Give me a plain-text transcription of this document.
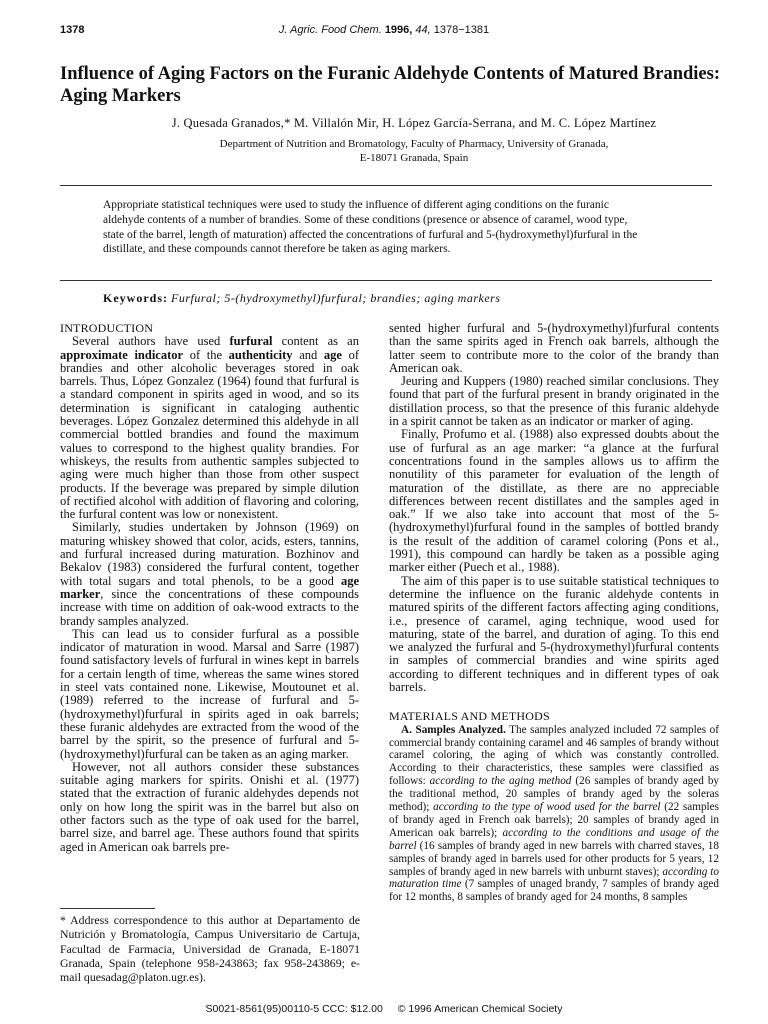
1378	J. Agric. Food Chem. 1996, 44, 1378−1381
Influence of Aging Factors on the Furanic Aldehyde Contents of Matured Brandies: Aging Markers
J. Quesada Granados,* M. Villalón Mir, H. López García-Serrana, and M. C. López Martínez
Department of Nutrition and Bromatology, Faculty of Pharmacy, University of Granada,
E-18071 Granada, Spain
Appropriate statistical techniques were used to study the influence of different aging conditions on the furanic aldehyde contents of a number of brandies. Some of these conditions (presence or absence of caramel, wood type, state of the barrel, length of maturation) affected the concentrations of furfural and 5-(hydroxymethyl)furfural in the distillate, and these compounds cannot therefore be taken as aging markers.
Keywords: Furfural; 5-(hydroxymethyl)furfural; brandies; aging markers

INTRODUCTION

Several authors have used furfural content as an approximate indicator of the authenticity and age of brandies and other alcoholic beverages stored in oak barrels. Thus, López Gonzalez (1964) found that furfural is a standard component in spirits aged in wood, and so its determination is significant in cataloging authentic beverages. López Gonzalez determined this aldehyde in all commercial bottled brandies and found the maximum values to correspond to the highest quality brandies. For whiskeys, the results from authentic samples subjected to aging were much higher than those from other suspect products. If the beverage was prepared by simple dilution of rectified alcohol with addition of flavoring and coloring, the furfural content was low or nonexistent.

Similarly, studies undertaken by Johnson (1969) on maturing whiskey showed that color, acids, esters, tannins, and furfural increased during maturation. Bozhinov and Bekalov (1983) considered the furfural content, together with total sugars and total phenols, to be a good age marker, since the concentrations of these compounds increase with time on addition of oak-wood extracts to the brandy samples analyzed.

This can lead us to consider furfural as a possible indicator of maturation in wood. Marsal and Sarre (1987) found satisfactory levels of furfural in wines kept in barrels for a certain length of time, whereas the same wines stored in steel vats contained none. Likewise, Moutounet et al. (1989) referred to the increase of furfural and 5-(hydroxymethyl)furfural in spirits aged in oak barrels; these furanic aldehydes are extracted from the wood of the barrel by the spirit, so the presence of furfural and 5-(hydroxymethyl)furfural can be taken as an aging marker.

However, not all authors consider these substances suitable aging markers for spirits. Onishi et al. (1977) stated that the extraction of furanic aldehydes depends not only on how long the spirit was in the barrel but also on other factors such as the type of oak used for the barrel, barrel size, and barrel age. These authors found that spirits aged in American oak barrels pre-

sented higher furfural and 5-(hydroxymethyl)furfural contents than the same spirits aged in French oak barrels, although the latter seem to contribute more to the color of the brandy than American oak.

Jeuring and Kuppers (1980) reached similar conclusions. They found that part of the furfural present in brandy originated in the distillation process, so that the presence of this furanic aldehyde in a spirit cannot be taken as an indicator or marker of aging.

Finally, Profumo et al. (1988) also expressed doubts about the use of furfural as an age marker: “a glance at the furfural concentrations found in the samples allows us to affirm the nonutility of this parameter for evaluation of the length of maturation of the distillate, as there are no appreciable differences between recent distillates and the samples aged in oak.” If we also take into account that most of the 5-(hydroxymethyl)furfural found in the samples of bottled brandy is the result of the addition of caramel coloring (Pons et al., 1991), this compound can hardly be taken as a possible aging marker either (Puech et al., 1988).

The aim of this paper is to use suitable statistical techniques to determine the influence on the furanic aldehyde contents in matured spirits of the different factors affecting aging conditions, i.e., presence of caramel, aging technique, wood used for maturing, state of the barrel, and duration of aging. To this end we analyzed the furfural and 5-(hydroxymethyl)furfural contents in samples of commercial brandies and wine spirits aged according to different techniques and in different types of oak barrels.

MATERIALS AND METHODS

A. Samples Analyzed. The samples analyzed included 72 samples of commercial brandy containing caramel and 46 samples of brandy without caramel coloring, the aging of which was constantly controlled. According to their characteristics, these samples were classified as follows: according to the aging method (26 samples of brandy aged by the traditional method, 20 samples of brandy aged by the soleras method); according to the type of wood used for the barrel (22 samples of brandy aged in French oak barrels); 20 samples of brandy aged in American oak barrels); according to the conditions and usage of the barrel (16 samples of brandy aged in new barrels with charred staves, 18 samples of brandy aged in barrels used for other products for 5 years, 12 samples of brandy aged in new barrels with unburnt staves); according to maturation time (7 samples of unaged brandy, 7 samples of brandy aged for 12 months, 8 samples of brandy aged for 24 months, 8 samples

* Address correspondence to this author at Departamento de Nutrición y Bromatología, Campus Universitario de Cartuja, Facultad de Farmacia, Universidad de Granada, E-18071 Granada, Spain (telephone 958-243863; fax 958-243869; e-mail quesadag@platon.ugr.es).
S0021-8561(95)00110-5 CCC: $12.00 © 1996 American Chemical Society
